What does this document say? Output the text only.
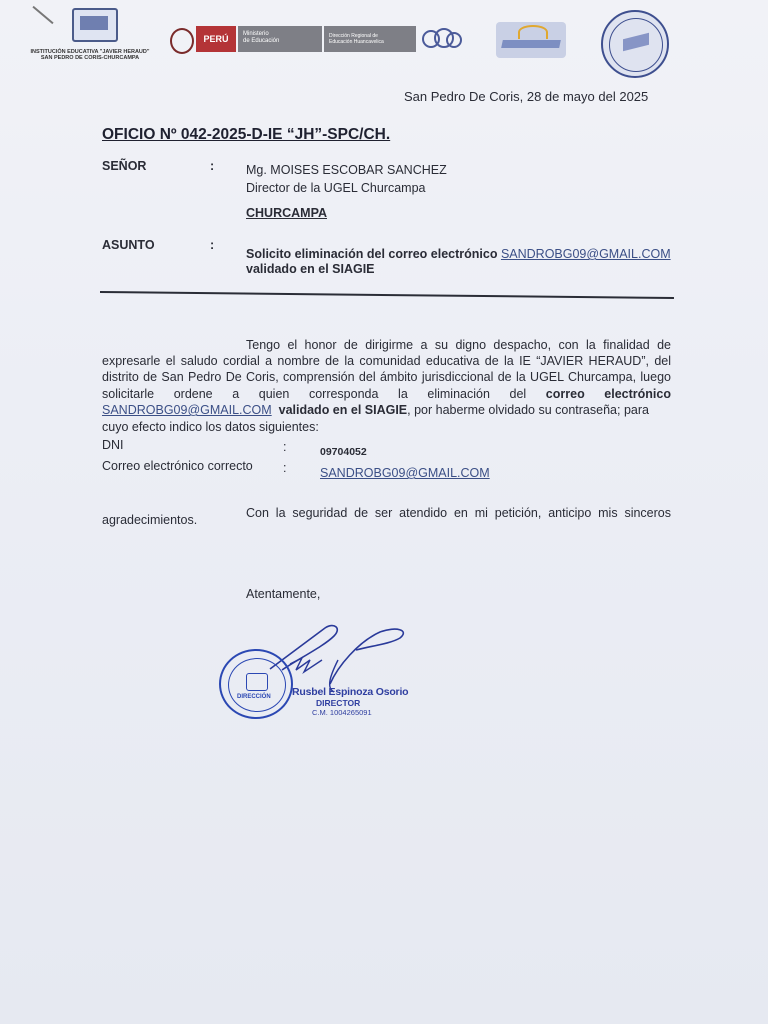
INSTITUCIÓN EDUCATIVA "JAVIER HERAUD"
SAN PEDRO DE CORIS-CHURCAMPA
PERÚ	Ministerio
de Educación
Dirección Regional de
Educación Huancavelica
San Pedro De Coris, 28 de mayo del 2025
OFICIO Nº 042-2025-D-IE “JH”-SPC/CH.
SEÑOR	:	Mg. MOISES ESCOBAR SANCHEZ
Director de la UGEL Churcampa
CHURCAMPA
ASUNTO	:
Solicito eliminación del correo electrónico SANDROBG09@GMAIL.COM
validado en el SIAGIE
Tengo el honor de dirigirme a su digno despacho, con la finalidad de
expresarle el saludo cordial a nombre de la comunidad educativa de la IE “JAVIER HERAUD”, del
distrito de San Pedro De Coris, comprensión del ámbito jurisdiccional de la UGEL Churcampa, luego
solicitarle ordene a quien corresponda la eliminación del correo electrónico
SANDROBG09@GMAIL.COM validado en el SIAGIE, por haberme olvidado su contraseña; para
cuyo efecto indico los datos siguientes:
DNI	:	09704052
Correo electrónico correcto :	SANDROBG09@GMAIL.COM
Con la seguridad de ser atendido en mi petición, anticipo mis sinceros
agradecimientos.
Atentamente,
DIRECCIÓN Rusbel Espinoza Osorio
DIRECTOR
C.M. 1004265091
